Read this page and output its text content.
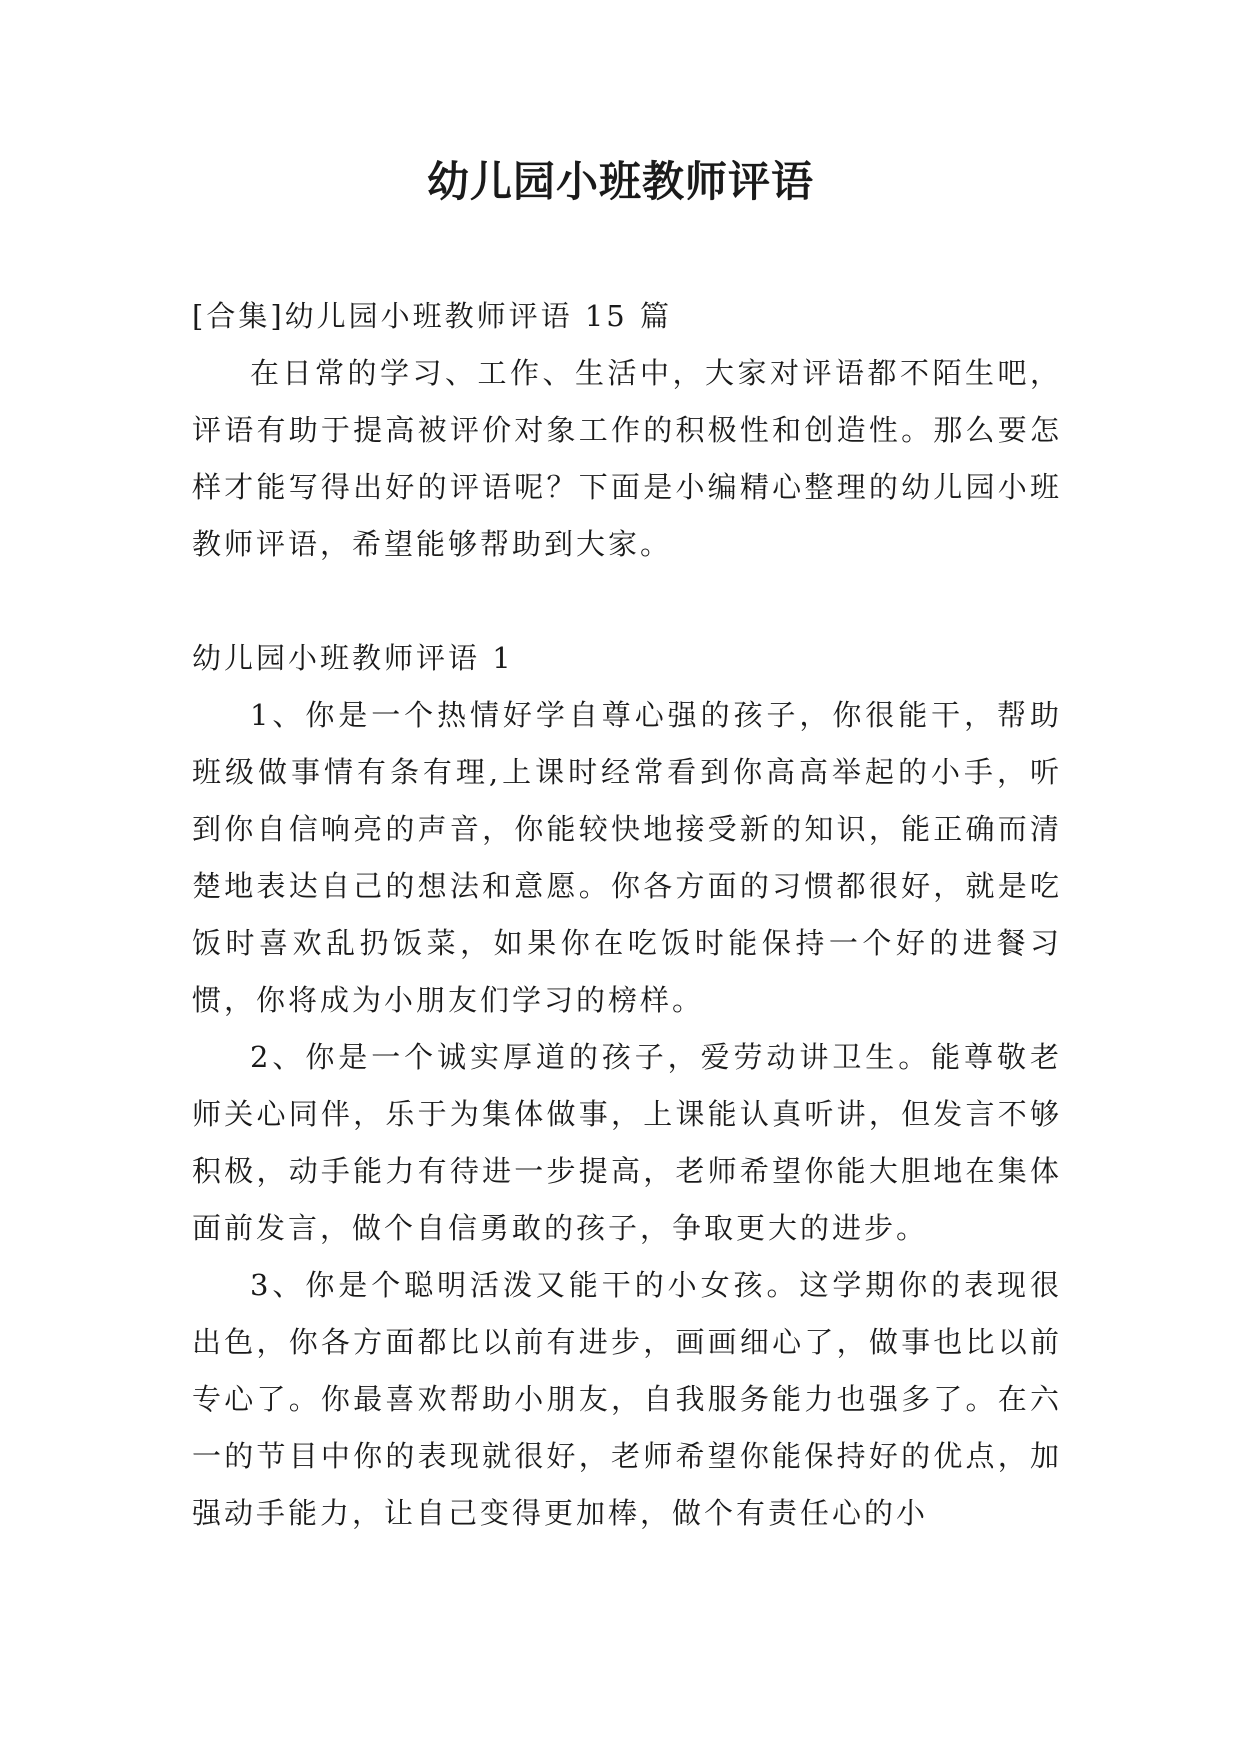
幼儿园小班教师评语

[合集]幼儿园小班教师评语 15 篇

在日常的学习、工作、生活中，大家对评语都不陌生吧，评语有助于提高被评价对象工作的积极性和创造性。那么要怎样才能写得出好的评语呢？下面是小编精心整理的幼儿园小班教师评语，希望能够帮助到大家。

幼儿园小班教师评语 1

1、你是一个热情好学自尊心强的孩子，你很能干，帮助班级做事情有条有理,上课时经常看到你高高举起的小手，听到你自信响亮的声音，你能较快地接受新的知识，能正确而清楚地表达自己的想法和意愿。你各方面的习惯都很好，就是吃饭时喜欢乱扔饭菜，如果你在吃饭时能保持一个好的进餐习惯，你将成为小朋友们学习的榜样。

2、你是一个诚实厚道的孩子，爱劳动讲卫生。能尊敬老师关心同伴，乐于为集体做事，上课能认真听讲，但发言不够积极，动手能力有待进一步提高，老师希望你能大胆地在集体面前发言，做个自信勇敢的孩子，争取更大的进步。

3、你是个聪明活泼又能干的小女孩。这学期你的表现很出色，你各方面都比以前有进步，画画细心了，做事也比以前专心了。你最喜欢帮助小朋友，自我服务能力也强多了。在六一的节目中你的表现就很好，老师希望你能保持好的优点，加强动手能力，让自己变得更加棒，做个有责任心的小
